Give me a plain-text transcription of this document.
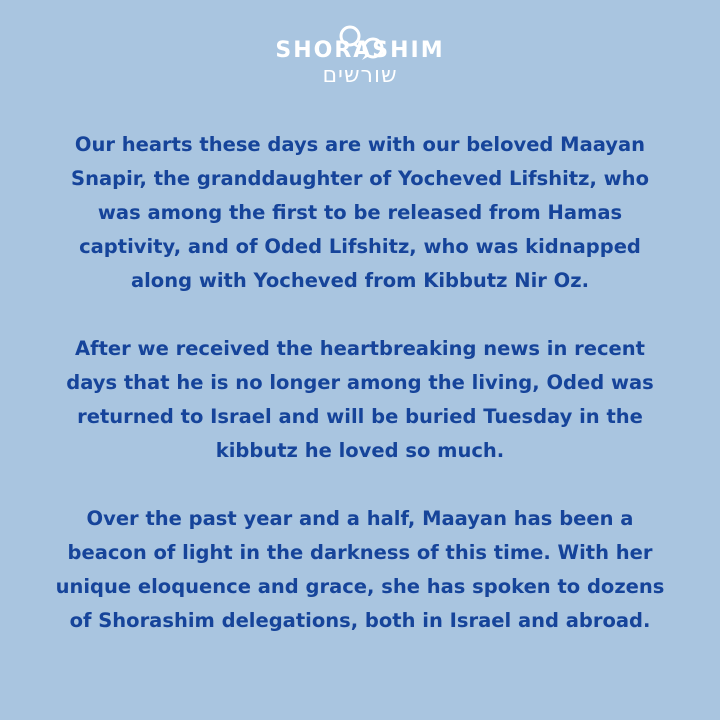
SHORASHIM
שורשים

Our hearts these days are with our beloved Maayan Snapir, the granddaughter of Yocheved Lifshitz, who was among the first to be released from Hamas captivity, and of Oded Lifshitz, who was kidnapped along with Yocheved from Kibbutz Nir Oz.

After we received the heartbreaking news in recent days that he is no longer among the living, Oded was returned to Israel and will be buried Tuesday in the kibbutz he loved so much.

Over the past year and a half, Maayan has been a beacon of light in the darkness of this time. With her unique eloquence and grace, she has spoken to dozens of Shorashim delegations, both in Israel and abroad.
